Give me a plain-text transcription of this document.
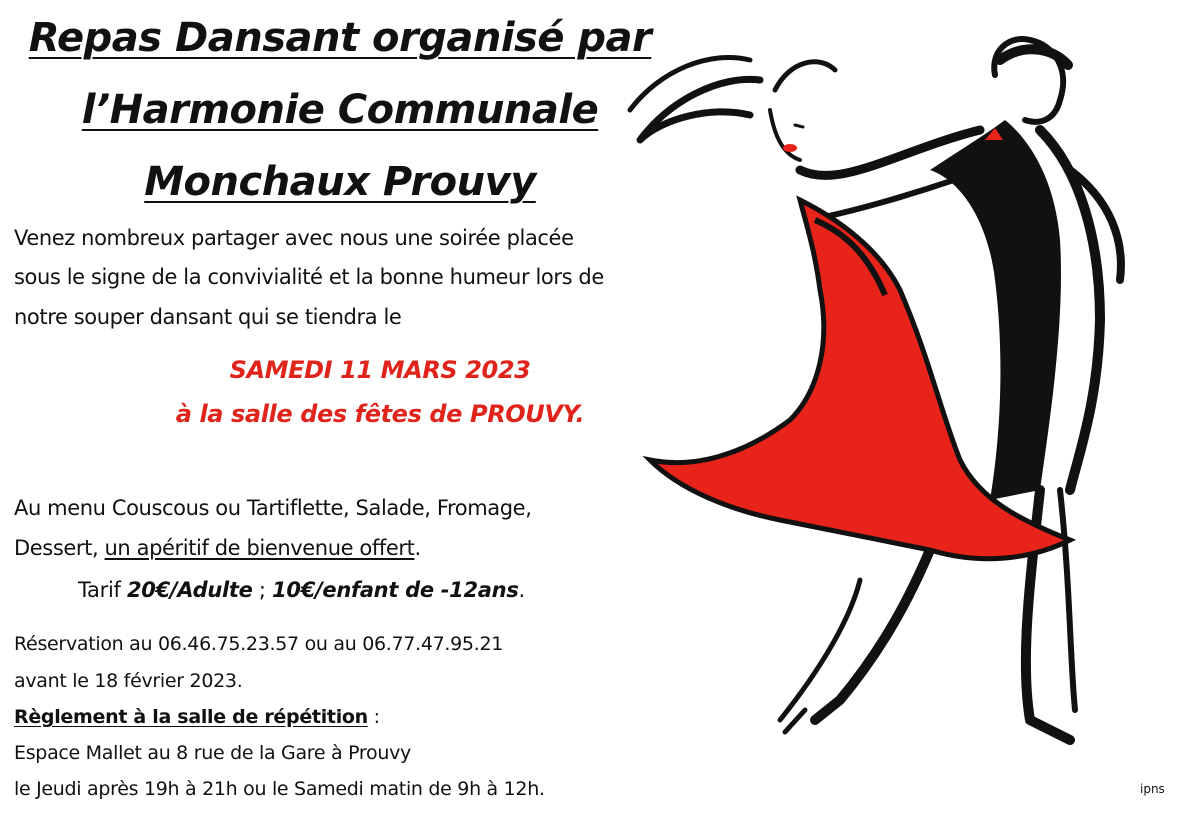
Repas Dansant organisé par
l’Harmonie Communale
Monchaux Prouvy
Venez nombreux partager avec nous une soirée placée
sous le signe de la convivialité et la bonne humeur lors de
notre souper dansant qui se tiendra le
SAMEDI 11 MARS 2023
à la salle des fêtes de PROUVY.
Au menu Couscous ou Tartiflette, Salade, Fromage,
Dessert, un apéritif de bienvenue offert.
Tarif 20€/Adulte ; 10€/enfant de -12ans.
Réservation au 06.46.75.23.57 ou au 06.77.47.95.21
avant le 18 février 2023.
Règlement à la salle de répétition :
Espace Mallet au 8 rue de la Gare à Prouvy
le Jeudi après 19h à 21h ou le Samedi matin de 9h à 12h.	ipns
